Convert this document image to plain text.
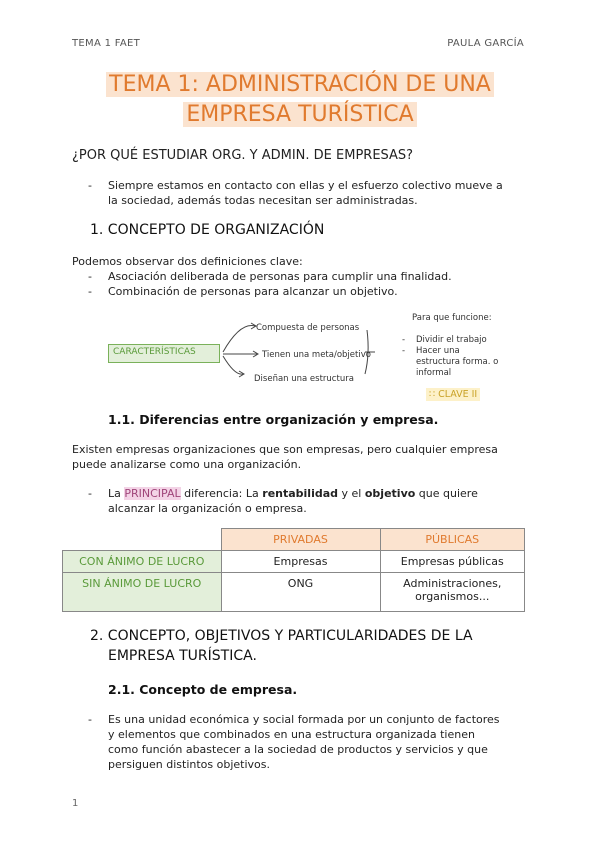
TEMA 1 FAET	PAULA GARCÍA
TEMA 1: ADMINISTRACIÓN DE UNA
EMPRESA TURÍSTICA
¿POR QUÉ ESTUDIAR ORG. Y ADMIN. DE EMPRESAS?
- Siempre estamos en contacto con ellas y el esfuerzo colectivo mueve a
la sociedad, además todas necesitan ser administradas.
1. CONCEPTO DE ORGANIZACIÓN
Podemos observar dos definiciones clave:
- Asociación deliberada de personas para cumplir una finalidad.
- Combinación de personas para alcanzar un objetivo.
CARACTERÍSTICAS
Compuesta de personas
Tienen una meta/objetivo
Diseñan una estructura
Para que funcione:
- Dividir el trabajo
- Hacer una
estructura forma. o
informal
∷ CLAVE II
1.1. Diferencias entre organización y empresa.
Existen empresas organizaciones que son empresas, pero cualquier empresa
puede analizarse como una organización.
- La PRINCIPAL diferencia: La rentabilidad y el objetivo que quiere
alcanzar la organización o empresa.
	PRIVADAS	PÚBLICAS
CON ÁNIMO DE LUCRO	Empresas	Empresas públicas
SIN ÁNIMO DE LUCRO	ONG	Administraciones,
organismos...
2. CONCEPTO, OBJETIVOS Y PARTICULARIDADES DE LA
EMPRESA TURÍSTICA.
2.1. Concepto de empresa.
- Es una unidad económica y social formada por un conjunto de factores
y elementos que combinados en una estructura organizada tienen
como función abastecer a la sociedad de productos y servicios y que
persiguen distintos objetivos.
1
